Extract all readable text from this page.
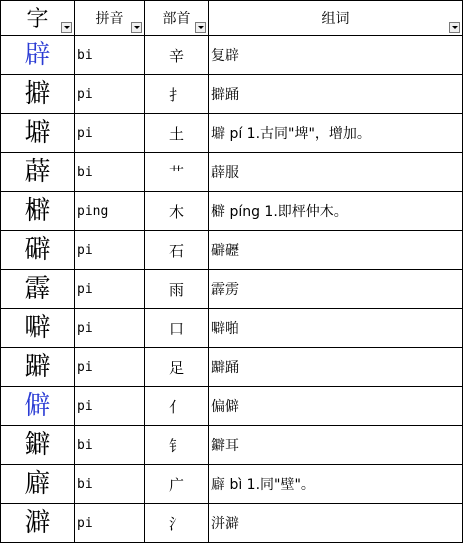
字	拼音	部首	组词

辟	bi	辛	复辟
擗	pi	扌	擗踊
壀	pi	土	壀 pí 1.古同"埤"，增加。
薜	bi	艹	薜服
檘	ping	木	檘 píng 1.即枰仲木。
礔	pi	石	礔礰
霹	pi	雨	霹雳
噼	pi	口	噼啪
躃	pi	足	躃踊
僻	pi	亻	偏僻
鐴	bi	钅	鐴耳
廦	bi	广	廦 bì 1.同"壁"。
澼	pi	氵	洴澼
